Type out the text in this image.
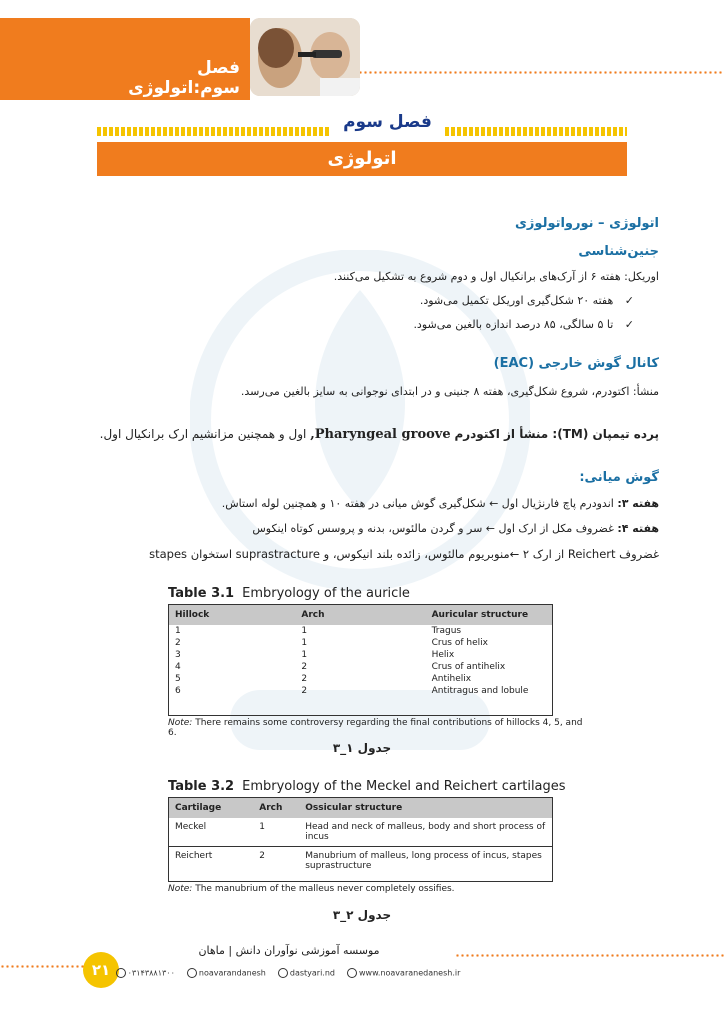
فصل سوم:اتولوژی
فصل سوم
اتولوژی
اتولوژی – نورواتولوژی
جنین‌شناسی
اوریکل: هفته ۶ از آرک‌های برانکیال اول و دوم شروع به تشکیل می‌کنند.
✓ هفته ۲۰ شکل‌گیری اوریکل تکمیل می‌شود.
✓ تا ۵ سالگی، ۸۵ درصد اندازه بالغین می‌شود.
کانال گوش خارجی (EAC)
منشأ: اکتودرم، شروع شکل‌گیری، هفته ۸ جنینی و در ابتدای نوجوانی به سایز بالغین می‌رسد.
پرده تیمپان (TM): منشأ از اکتودرم Pharyngeal groove, اول و همچنین مزانشیم ارک برانکیال اول.
گوش میانی:
هفته ۳: اندودرم پاچ فارنژیال اول ← شکل‌گیری گوش میانی در هفته ۱۰ و همچنین لوله استاش.
هفته ۴: غضروف مکل از ارک اول ← سر و گردن مالئوس، بدنه و پروسس کوتاه اینکوس
غضروف Reichert از ارک ۲ ←منوبریوم مالئوس، زائده بلند انیکوس، و suprastracture استخوان stapes
Table 3.1 Embryology of the auricle
Hillock	Arch	Auricular structure
1	1	Tragus
2	1	Crus of helix
3	1	Helix
4	2	Crus of antihelix
5	2	Antihelix
6	2	Antitragus and lobule
Note: There remains some controversy regarding the final contributions of hillocks 4, 5, and 6.
جدول ۱_۳
Table 3.2 Embryology of the Meckel and Reichert cartilages
Cartilage	Arch	Ossicular structure
Meckel	1	Head and neck of malleus, body and short process of incus
Reichert	2	Manubrium of malleus, long process of incus, stapes suprastructure
Note: The manubrium of the malleus never completely ossifies.
جدول ۲_۳
۲۱
موسسه آموزشی نوآوران دانش | ماهان
۰۳۱۴۳۸۸۱۳۰۰	noavarandanesh	dastyari.nd	www.noavaranedanesh.ir
